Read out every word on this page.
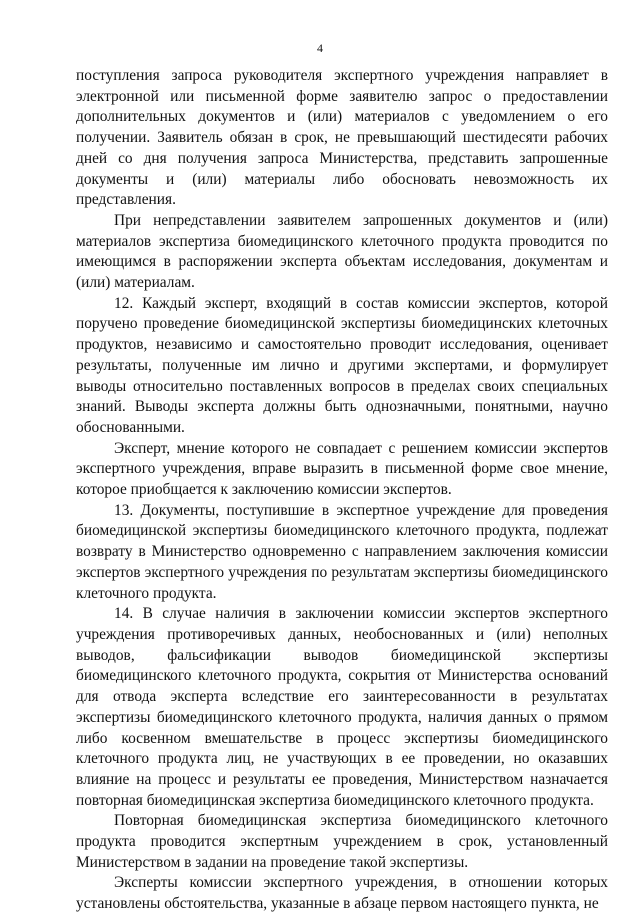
4

поступления запроса руководителя экспертного учреждения направляет в электронной или письменной форме заявителю запрос о предоставлении дополнительных документов и (или) материалов с уведомлением о его получении. Заявитель обязан в срок, не превышающий шестидесяти рабочих дней со дня получения запроса Министерства, представить запрошенные документы и (или) материалы либо обосновать невозможность их представления.

При непредставлении заявителем запрошенных документов и (или) материалов экспертиза биомедицинского клеточного продукта проводится по имеющимся в распоряжении эксперта объектам исследования, документам и (или) материалам.

12. Каждый эксперт, входящий в состав комиссии экспертов, которой поручено проведение биомедицинской экспертизы биомедицинских клеточных продуктов, независимо и самостоятельно проводит исследования, оценивает результаты, полученные им лично и другими экспертами, и формулирует выводы относительно поставленных вопросов в пределах своих специальных знаний. Выводы эксперта должны быть однозначными, понятными, научно обоснованными.

Эксперт, мнение которого не совпадает с решением комиссии экспертов экспертного учреждения, вправе выразить в письменной форме свое мнение, которое приобщается к заключению комиссии экспертов.

13. Документы, поступившие в экспертное учреждение для проведения биомедицинской экспертизы биомедицинского клеточного продукта, подлежат возврату в Министерство одновременно с направлением заключения комиссии экспертов экспертного учреждения по результатам экспертизы биомедицинского клеточного продукта.

14. В случае наличия в заключении комиссии экспертов экспертного учреждения противоречивых данных, необоснованных и (или) неполных выводов, фальсификации выводов биомедицинской экспертизы биомедицинского клеточного продукта, сокрытия от Министерства оснований для отвода эксперта вследствие его заинтересованности в результатах экспертизы биомедицинского клеточного продукта, наличия данных о прямом либо косвенном вмешательстве в процесс экспертизы биомедицинского клеточного продукта лиц, не участвующих в ее проведении, но оказавших влияние на процесс и результаты ее проведения, Министерством назначается повторная биомедицинская экспертиза биомедицинского клеточного продукта.

Повторная биомедицинская экспертиза биомедицинского клеточного продукта проводится экспертным учреждением в срок, установленный Министерством в задании на проведение такой экспертизы.

Эксперты комиссии экспертного учреждения, в отношении которых установлены обстоятельства, указанные в абзаце первом настоящего пункта, не
